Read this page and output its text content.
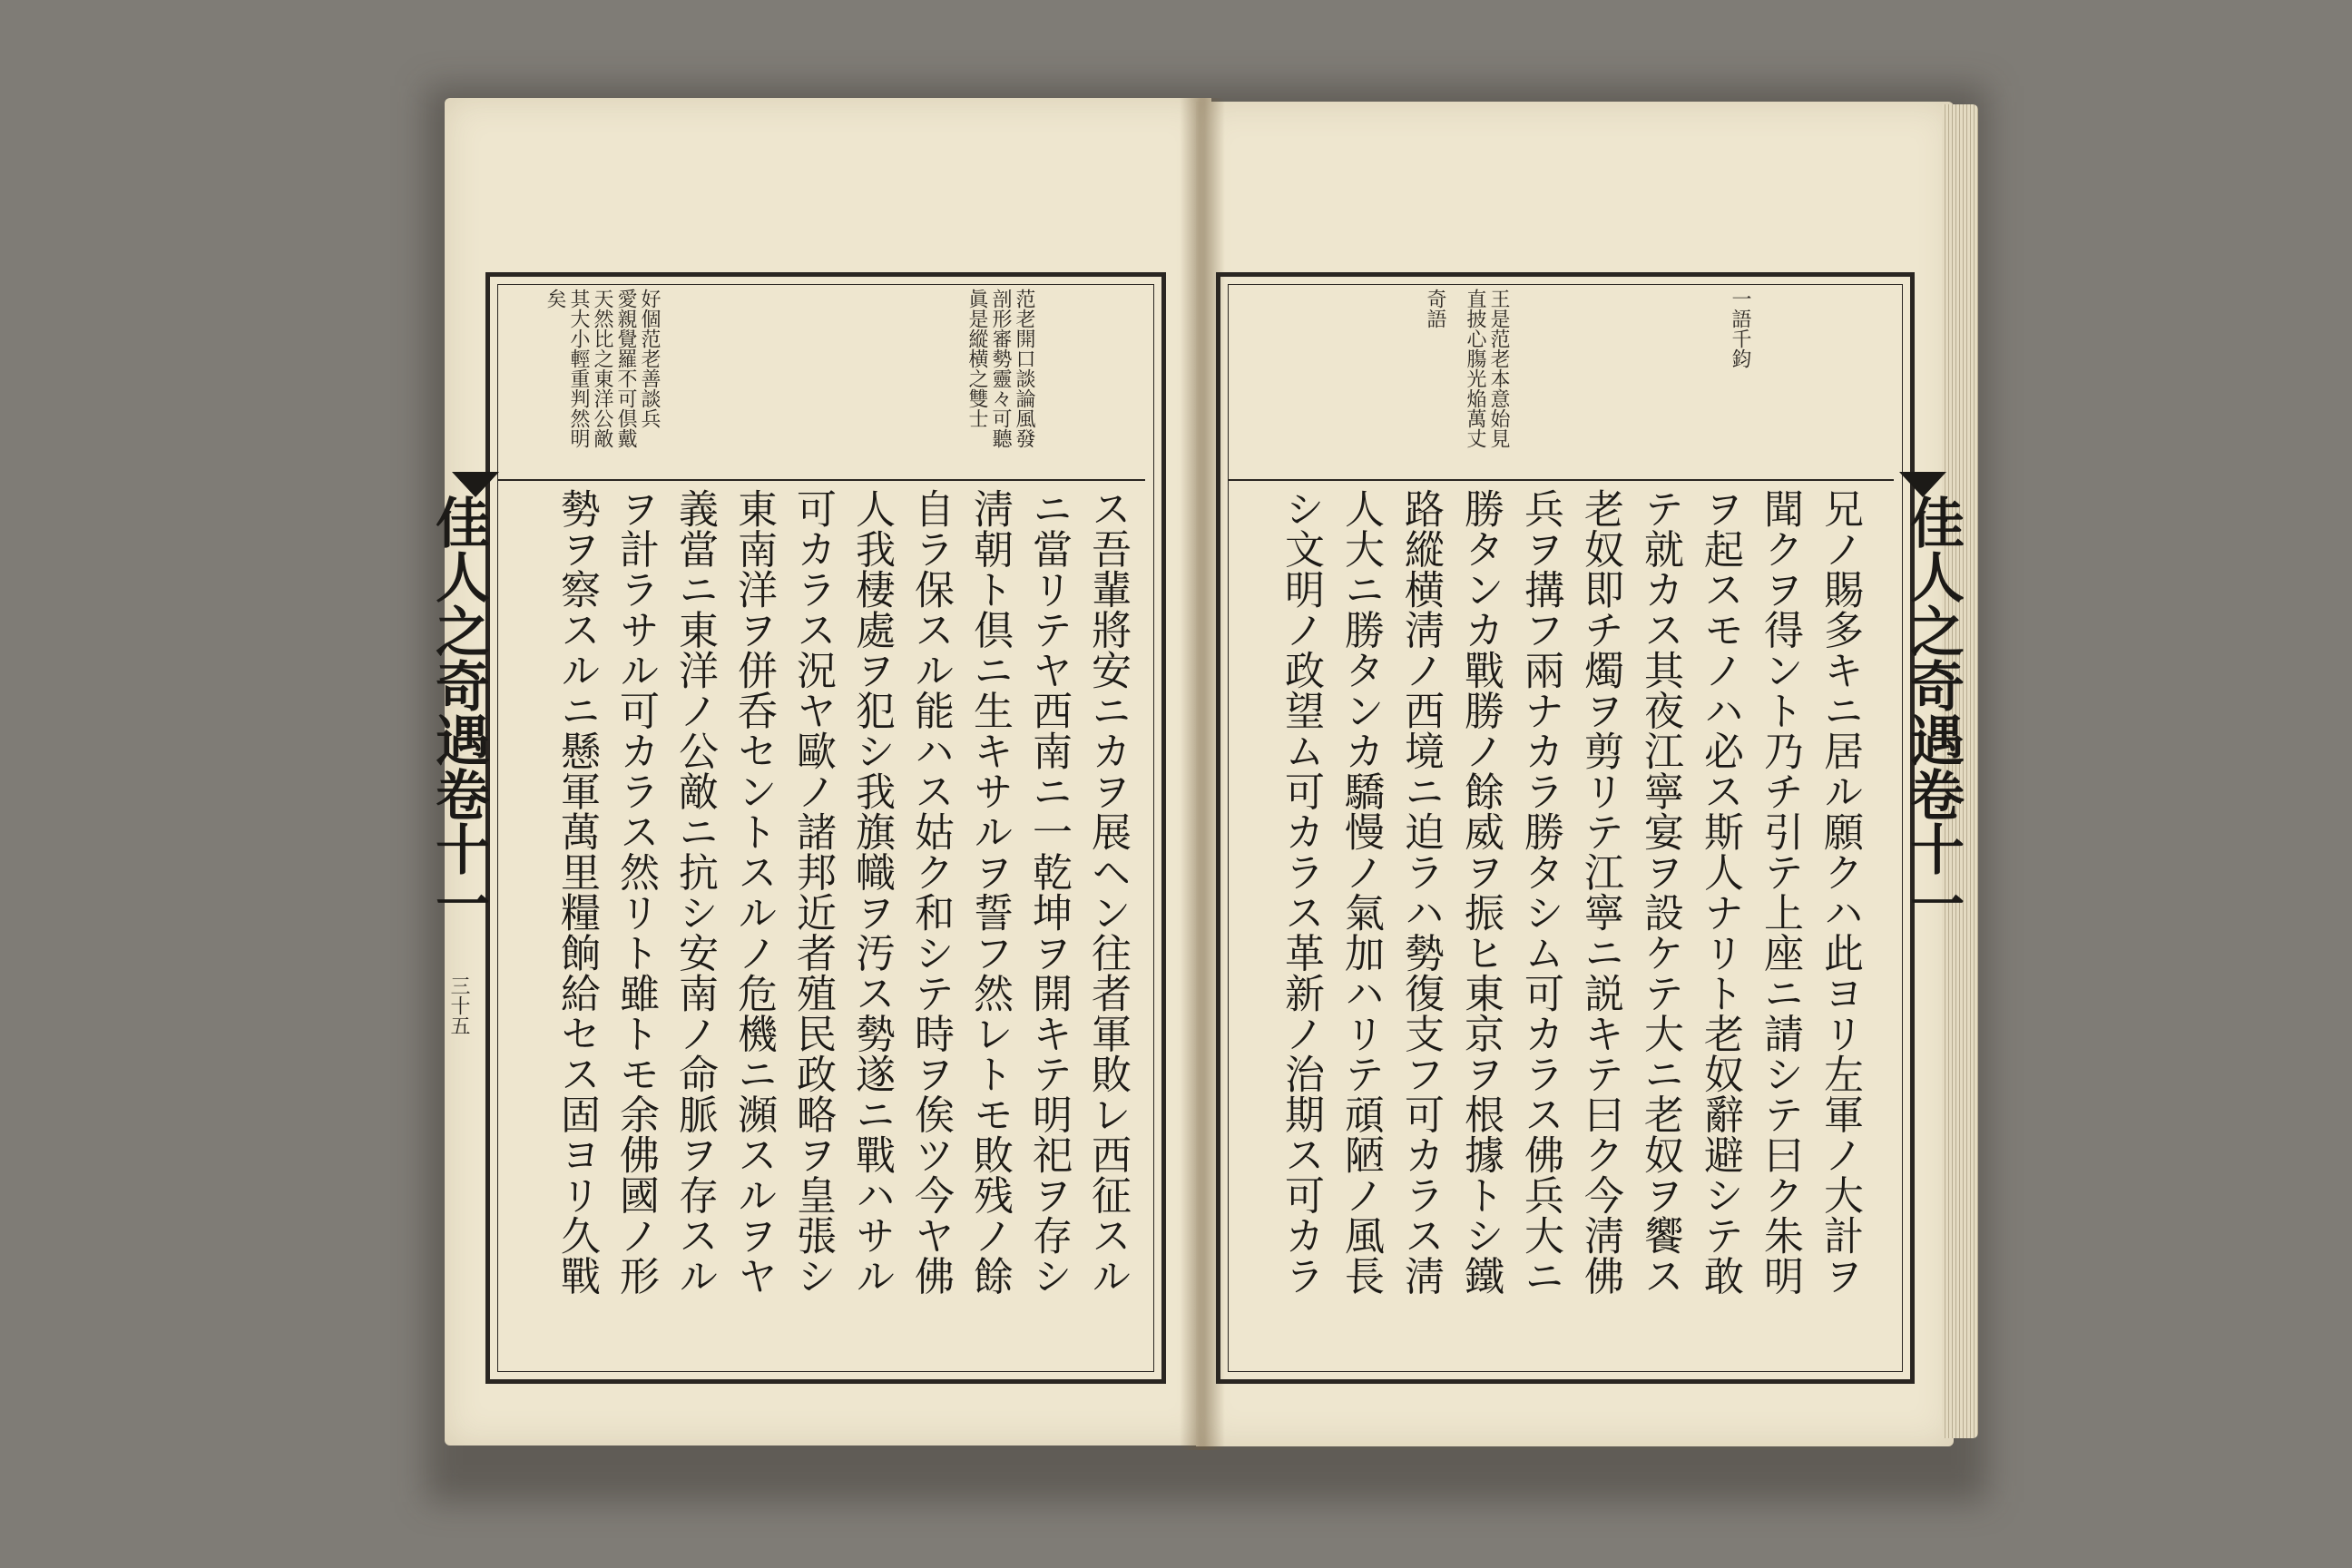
佳人之奇遇卷十一
三十五
范老開口談論風發
剖形審勢靈々可聽
眞是縱横之雙士
好個范老善談兵
愛親覺羅不可倶戴
天然比之東洋公敵
其大小輕重判然明
矣
ス吾輩將安ニカヲ展ヘン往者軍敗レ西征スル
ニ當リテヤ西南ニ一乾坤ヲ開キテ明祀ヲ存シ
淸朝ト倶ニ生キサルヲ誓フ然レトモ敗残ノ餘
自ラ保スル能ハス姑ク和シテ時ヲ俟ツ今ヤ佛
人我棲處ヲ犯シ我旗幟ヲ汚ス勢遂ニ戰ハサル
可カラス況ヤ歐ノ諸邦近者殖民政略ヲ皇張シ
東南洋ヲ併呑セントスルノ危機ニ瀕スルヲヤ
義當ニ東洋ノ公敵ニ抗シ安南ノ命脈ヲ存スル
ヲ計ラサル可カラス然リト雖トモ余佛國ノ形
勢ヲ察スルニ懸軍萬里糧餉給セス固ヨリ久戰	佳人之奇遇卷十一
一語千鈞
王是范老本意始見
直披心膓光焔萬丈
奇語
兄ノ賜多キニ居ル願クハ此ヨリ左軍ノ大計ヲ
聞クヲ得ント乃チ引テ上座ニ請シテ曰ク朱明
ヲ起スモノハ必ス斯人ナリト老奴辭避シテ敢
テ就カス其夜江寧宴ヲ設ケテ大ニ老奴ヲ饗ス
老奴即チ燭ヲ剪リテ江寧ニ説キテ曰ク今淸佛
兵ヲ搆フ兩ナカラ勝タシム可カラス佛兵大ニ
勝タンカ戰勝ノ餘威ヲ振ヒ東京ヲ根據トシ鐵
路縱横淸ノ西境ニ迫ラハ勢復支フ可カラス淸
人大ニ勝タンカ驕慢ノ氣加ハリテ頑陋ノ風長
シ文明ノ政望ム可カラス革新ノ治期ス可カラ
